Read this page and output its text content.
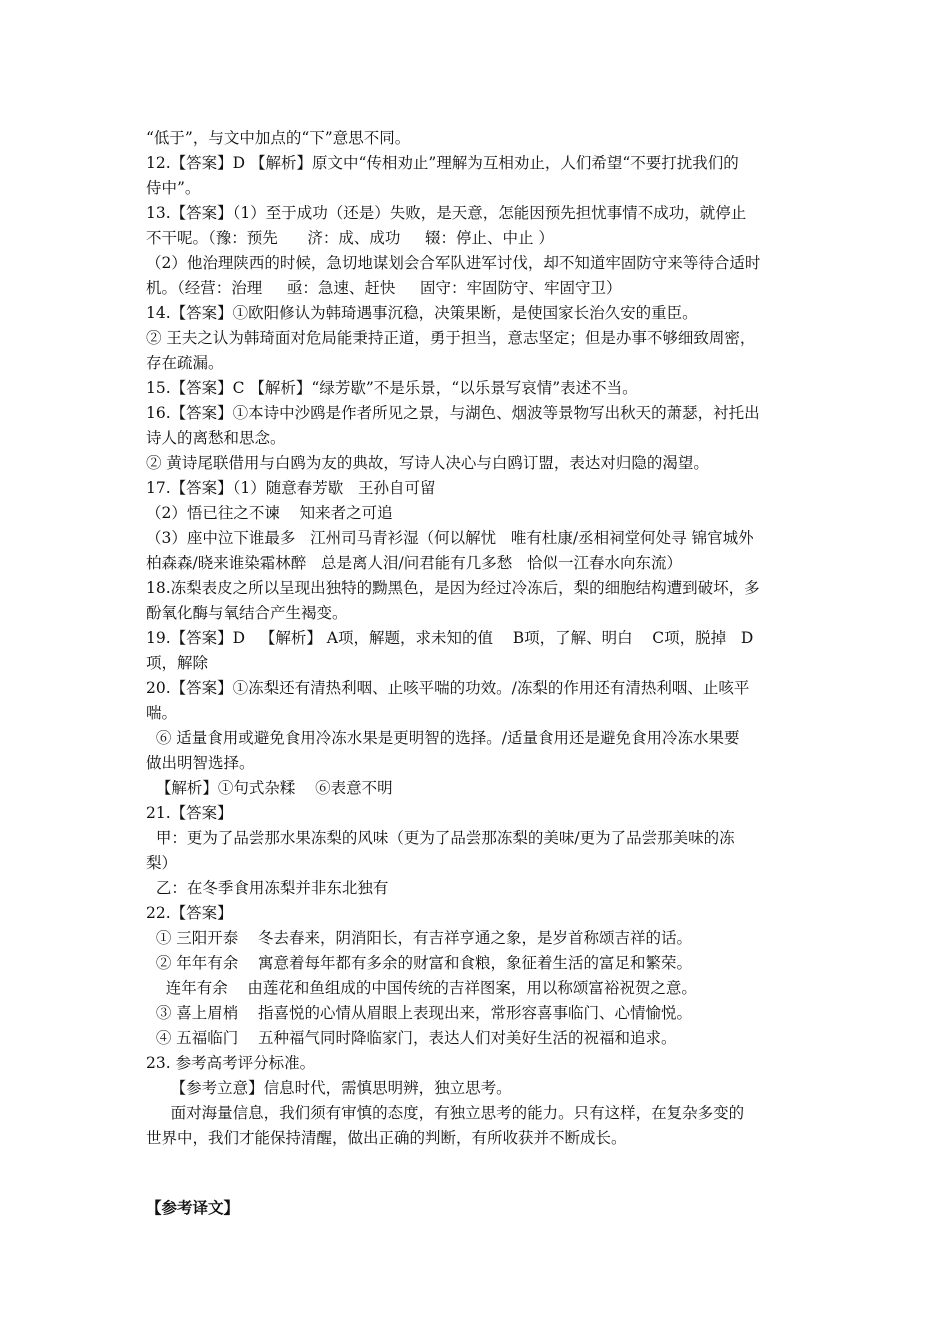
“低于”，与文中加点的“下”意思不同。
12.【答案】D 【解析】原文中“传相劝止”理解为互相劝止，人们希望“不要打扰我们的
侍中”。
13.【答案】（1）至于成功（还是）失败，是天意，怎能因预先担忧事情不成功，就停止
不干呢。（豫：预先      济：成、成功     辍：停止、中止 ）
（2）他治理陕西的时候，急切地谋划会合军队进军讨伐，却不知道牢固防守来等待合适时
机。（经营：治理     亟：急速、赶快     固守：牢固防守、牢固守卫）
14.【答案】①欧阳修认为韩琦遇事沉稳，决策果断，是使国家长治久安的重臣。
② 王夫之认为韩琦面对危局能秉持正道，勇于担当，意志坚定；但是办事不够细致周密，
存在疏漏。
15.【答案】C 【解析】“绿芳歇”不是乐景，“以乐景写哀情”表述不当。
16.【答案】①本诗中沙鸥是作者所见之景，与湖色、烟波等景物写出秋天的萧瑟，衬托出
诗人的离愁和思念。
② 黄诗尾联借用与白鸥为友的典故，写诗人决心与白鸥订盟，表达对归隐的渴望。
17.【答案】（1）随意春芳歇   王孙自可留
（2）悟已往之不谏    知来者之可追
（3）座中泣下谁最多   江州司马青衫湿（何以解忧   唯有杜康/丞相祠堂何处寻 锦官城外
柏森森/晓来谁染霜林醉   总是离人泪/问君能有几多愁   恰似一江春水向东流）
18.冻梨表皮之所以呈现出独特的黝黑色，是因为经过冷冻后，梨的细胞结构遭到破坏，多
酚氧化酶与氧结合产生褐变。
19.【答案】D   【解析】 A项，解题，求未知的值    B项，了解、明白    C项，脱掉   D
项，解除
20.【答案】①冻梨还有清热利咽、止咳平喘的功效。/冻梨的作用还有清热利咽、止咳平
喘。
⑥ 适量食用或避免食用冷冻水果是更明智的选择。/适量食用还是避免食用冷冻水果要
做出明智选择。
【解析】①句式杂糅    ⑥表意不明
21.【答案】
甲：更为了品尝那水果冻梨的风味（更为了品尝那冻梨的美味/更为了品尝那美味的冻
梨）
乙：在冬季食用冻梨并非东北独有
22.【答案】
① 三阳开泰    冬去春来，阴消阳长，有吉祥亨通之象，是岁首称颂吉祥的话。
② 年年有余    寓意着每年都有多余的财富和食粮，象征着生活的富足和繁荣。
连年有余    由莲花和鱼组成的中国传统的吉祥图案，用以称颂富裕祝贺之意。
③ 喜上眉梢    指喜悦的心情从眉眼上表现出来，常形容喜事临门、心情愉悦。
④ 五福临门    五种福气同时降临家门，表达人们对美好生活的祝福和追求。
23. 参考高考评分标准。
【参考立意】信息时代，需慎思明辨，独立思考。
面对海量信息，我们须有审慎的态度，有独立思考的能力。只有这样，在复杂多变的
世界中，我们才能保持清醒，做出正确的判断，有所收获并不断成长。
【参考译文】
